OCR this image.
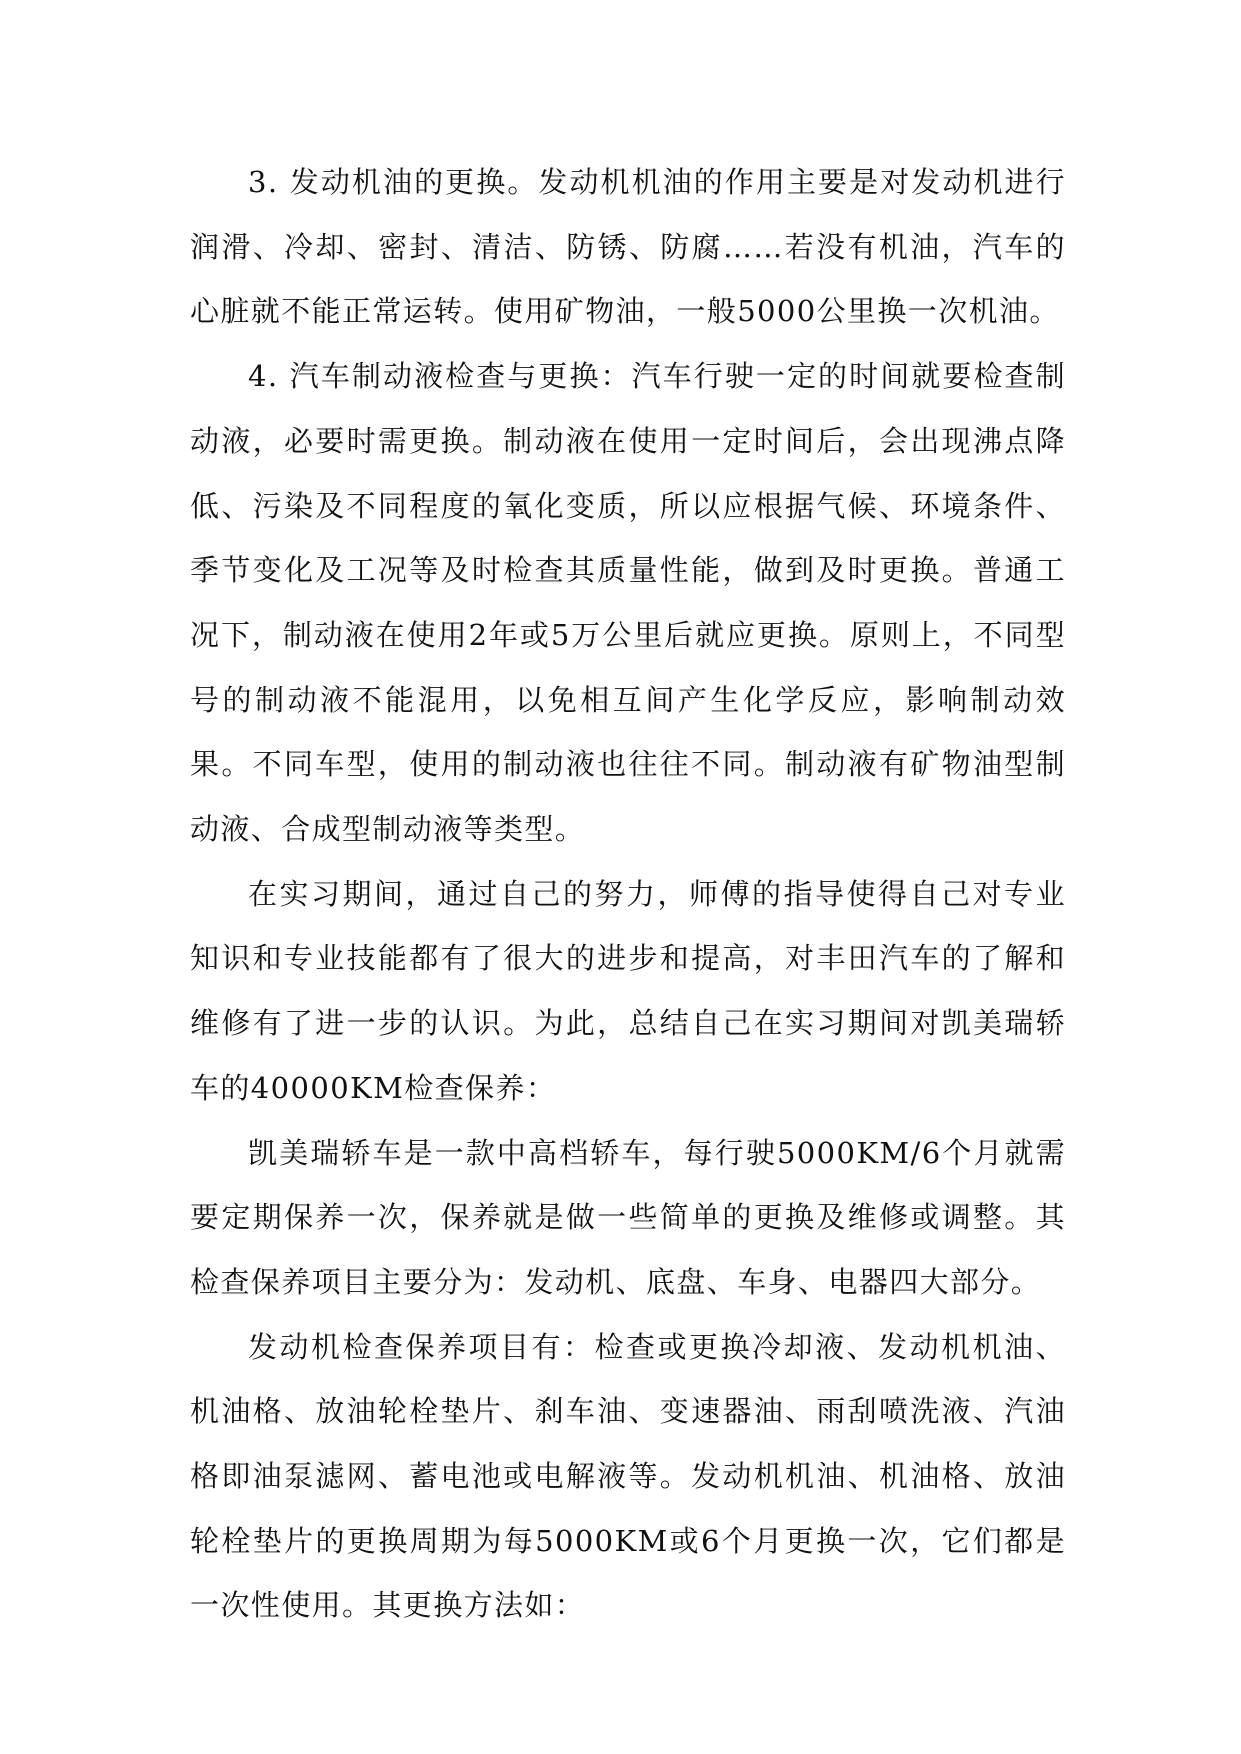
3. 发动机油的更换。发动机机油的作用主要是对发动机进行润滑、冷却、密封、清洁、防锈、防腐……若没有机油，汽车的心脏就不能正常运转。使用矿物油，一般5000公里换一次机油。

4. 汽车制动液检查与更换：汽车行驶一定的时间就要检查制动液，必要时需更换。制动液在使用一定时间后，会出现沸点降低、污染及不同程度的氧化变质，所以应根据气候、环境条件、季节变化及工况等及时检查其质量性能，做到及时更换。普通工况下，制动液在使用2年或5万公里后就应更换。原则上，不同型号的制动液不能混用，以免相互间产生化学反应，影响制动效果。不同车型，使用的制动液也往往不同。制动液有矿物油型制动液、合成型制动液等类型。

在实习期间，通过自己的努力，师傅的指导使得自己对专业知识和专业技能都有了很大的进步和提高，对丰田汽车的了解和维修有了进一步的认识。为此，总结自己在实习期间对凯美瑞轿车的40000KM检查保养：

凯美瑞轿车是一款中高档轿车，每行驶5000KM/6个月就需要定期保养一次，保养就是做一些简单的更换及维修或调整。其检查保养项目主要分为：发动机、底盘、车身、电器四大部分。

发动机检查保养项目有：检查或更换冷却液、发动机机油、机油格、放油轮栓垫片、刹车油、变速器油、雨刮喷洗液、汽油格即油泵滤网、蓄电池或电解液等。发动机机油、机油格、放油轮栓垫片的更换周期为每5000KM或6个月更换一次，它们都是一次性使用。其更换方法如：
